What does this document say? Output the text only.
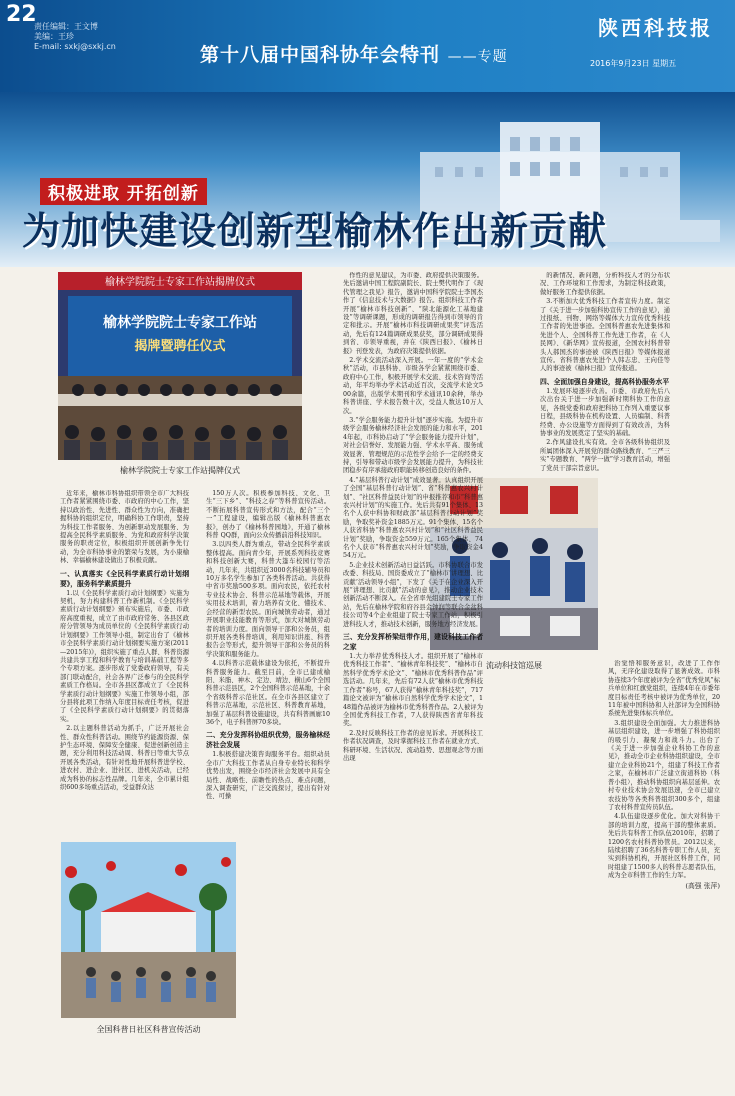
22
责任编辑：王文博
美编：王珍
E-mail: sxkj@sxkj.cn	第十八届中国科协年会特刊 ——专题
陕西科技报
2016年9月23日 星期五
积极进取 开拓创新
为加快建设创新型榆林作出新贡献
榆林学院院士专家工作站揭牌仪式
榆林学院院士专家工作站
揭牌暨聘任仪式
榆林学院院士专家工作站揭牌仪式
全国科普日社区科普宣传活动
流动科技馆巡展

近年来，榆林市科协组织带领全市广大科技工作者紧紧围绕市委、市政府的中心工作，坚持以政治性、先进性、群众性为方向，准确把握科协的组织定位，明确科协工作职责，坚持为科技工作者服务、为创新驱动发展服务、为提高全民科学素质服务、为党和政府科学决策服务的职责定位，积极组织开展创新争先行动，为全市科协事业的繁荣与发展，为小康榆林、幸福榆林建设做出了积极贡献。

一、认真落实《全民科学素质行动计划纲要》，服务科学素质提升

1.以《全民科学素质行动计划纲要》实施为契机，努力构建科普工作新机制。《全民科学素质行动计划纲要》颁布实施后，市委、市政府高度重视，成立了由市政府常务、各县区政府分管领导为成员单位的《全民科学素质行动计划纲要》工作领导小组，制定出台了《榆林市全民科学素质行动计划纲要实施方案(2011—2015年)》，组织实施了重点人群、科普资源共建共享工程和科学教育与培训基础工程等多个专项方案。逐步形成了党委政府领导，有关部门联动配合，社会各界广泛参与的全民科学素质工作格局。全市各县区都成立了《全民科学素质行动计划纲要》实施工作领导小组，部分县将此项工作纳入年度目标责任考核，促进了《全民科学素质行动计划纲要》的贯彻落实。

2.以主题科普活动为抓手，广泛开展社会性、群众性科普活动。围绕节约能源资源、保护生态环境、保障安全健康、促进创新创造主题，充分利用科技活动周、科普日等重大节点开展各类活动，有针对性地开展科普进学校、进农村、进企业、进社区、进机关活动，已经成为科协的标志性品牌。几年来，全市累计组织600多场重点活动，受益群众达

150万人次。积极参加科技、文化、卫生“三下乡”、“科技之春”等科普宣传活动。不断拓展科普宣传形式和方法，配合“三个一”工程建设，编辑出版《榆林科普惠农报》，创办了《榆林科普园地》，开通了榆林科普 QQ群，面向公众传播前沿科技知识。

3.以四类人群为重点，带动全民科学素质整体提高。面向青少年，开展系列科技竞赛和科技创新大赛，科普大篷车校园行等活动，几年来，共组织近3000名科技辅导员和10万多名学生参加了各类科普活动。共获得中省市奖励500多项。面向农民，依托农村专业技术协会、科普示范基地等载体，开展实用技术培训，着力培养有文化、懂技术、会经营的新型农民。面向城镇劳动者，通过开展职业技能教育等形式，加大对城镇劳动者的培训力度。面向领导干部和公务员，组织开展各类科普培训，利用知识讲座、科普报告会等形式，提升领导干部和公务员的科学决策和服务能力。

4.以科普示范载体建设为依托，不断提升科普服务能力。截至目前，全市已建成榆阳、米脂、神木、定边、靖边、横山6个全国科普示范县区，2个全国科普示范基地，十余个省级科普示范社区。在全市各县区建立了科普示范基地，示范社区、科普教育基地，加强了基层科普设施建设，共有科普画廊1036个，电子科普屏70多块。

二、充分发挥科协组织优势，服务榆林经济社会发展

1.积极搭建决策咨询服务平台。组织动员全市广大科技工作者从自身专业特长和科学优势出发，围绕全市经济社会发展中具有全局性、战略性、前瞻性的热点、难点问题，深入调查研究，广泛交流探讨，提出有针对性、可操

作性的意见建议，为市委、政府提供决策服务。先后邀请中国工程院副院长、院士樊代明作了《现代管理之我见》报告，邀请中国科学院院士李国杰作了《信息技术与大数据》报告。组织科技工作者开展“榆林市科技创新”、“陕北能源化工基地建设”等调研课题，形成的调研报告得到市领导的肯定和批示。开展“榆林市科技调研成果奖”评选活动，先后有124篇调研成果获奖，部分调研成果得到省、市领导重视，并在《陕西日报》、《榆林日报》刊登发表，为政府决策提供依据。

2.学术交流活动深入开展。一年一度的“学术金秋”活动，市县科协、市级各学会紧紧围绕市委、政府中心工作，积极开展学术交流、技术咨询等活动，年平均举办学术活动近百次，交流学术论文500余篇，出版学术期刊和学术通讯10余种，举办科普讲座、学术报告数十次，受益人数达10万人次。

3.“学会服务能力提升计划”逐步实施。为提升市级学会服务榆林经济社会发展的能力和水平，2014年起，市科协启动了“学会服务能力提升计划”，对社会信誉好、发展能力强、学术水平高、服务成效显著、管理规范的示范性学会给予一定的经费支持，引导和带动市级学会发展能力提升，为科技社团稳步有序承接政府职能转移创造良好的条件。

4.“基层科普行动计划”成效显著。认真组织开展了全国“基层科普行动计划”、省“科普惠农兴村计划”、“社区科普益民计划”的申报推荐和市“科普惠农兴村计划”的实施工作。先后共有91个集体、13名个人获中科协和财政部“基层科普行动计划”奖励，争取奖补资金1885万元。91个集体、15名个人获省科协“科普惠农兴村计划”和“社区科普益民计划”奖励，争取资金559万元。165个集体、74名个人获市“科普惠农兴村计划”奖励，争取资金454万元。

5.企业技术创新活动日益活跃。市科协联合市发改委、科技局、国资委成立了“榆林市‘讲理想、比贡献’活动领导小组”，下发了《关于在企业深入开展“讲理想、比贡献”活动的意见》，推动企业技术创新活动不断深入。在全省率先组建院士专家工作站，先后在榆林学院和府谷县金钟润等联合金盆科技公司等4个企业组建了院士专家工作站，积极引进科技人才，推动技术创新，服务地方经济发展。

三、充分发挥桥梁纽带作用，建设科技工作者之家

1.大力举荐优秀科技人才。组织开展了“榆林市优秀科技工作者”、“榆林青年科技奖”、“榆林市自然科学优秀学术论文”、“榆林市优秀科普作品”评选活动。几年来，先后有72人获“榆林市优秀科技工作者”称号，67人获得“榆林青年科技奖”，717篇论文被评为“榆林市自然科学优秀学术论文”，148篇作品被评为榆林市优秀科普作品。2人被评为全国优秀科技工作者，7人获得陕西省青年科技奖。

2.及时反映科技工作者的意见诉求。开展科技工作者状况调查，及时掌握科技工作者在就业方式、科研环境、生活状况、流动趋势、思想观念等方面出现

的新情况、新问题，分析科技人才的分布状况、工作环境和工作需求，为制定科技政策，做好服务工作提供依据。

3.不断加大优秀科技工作者宣传力度。制定了《关于进一步加强科协宣传工作的意见》，通过报纸、刊物、网络等媒体大力宣传优秀科技工作者的先进事迹。全国科普惠农先进集体和先进个人、全国科普工作先进工作者，在《人民网》、《新华网》宣传报道，全国农村科普带头人郝国杰的事迹被《陕西日报》等媒体报道宣传。省科普惠农先进个人韩志忠、王向佳等人的事迹被《榆林日报》宣传报道。

四、全面加强自身建设，提高科协服务水平

1.发展环境逐步改善。市委、市政府先后八次出台关于进一步加强新时期科协工作的意见，各级党委和政府把科协工作列入重要议事日程，县级科协在机构设置、人员编制、科普经费、办公设施等方面得到了有效改善，为科协事业的发展奠定了坚实的基础。

2.作风建设扎实有效。全市各级科协组织及所属团体深入开展党的群众路线教育、“三严三实”专题教育、“两学一做”学习教育活动，增强了党员干部宗旨意识。

治觉悟和服务意识，改进了工作作风，无序化建设取得了显著成效。市科协连续3个年度被评为全省“优秀党风”标兵单位和红旗党组织，连续4年在市委年度目标责任考核中被评为优秀单位，2011年被中国科协和人社部评为全国科协系统先进集体标兵单位。

3.组织建设全面加强。大力推进科协基层组织建设，进一步增强了科协组织的吸引力、凝聚力和战斗力。出台了《关于进一步加强企业科协工作的意见》，推动全市企业科协组织建设，全市建立企业科协21个，组建了科技工作者之家，在榆林市广泛建立街道科协（科普小组），推动科协组织向基层延伸。农村专业技术协会发展迅速，全市已建立农技协等各类科普组织300多个，组建了农村科普宣传员队伍。

4.队伍建设逐步优化。加大对科协干部的培训力度，提高干部的整体素质。先后共有科普工作队伍2010年，招聘了1200名农村科普协管员。2012以来，陆续招聘了36名科普专职工作人员，充实到科协机构，开展社区科普工作，同时组建了1500多人的科普志愿者队伍，成为全市科普工作的生力军。

(高强 张萍)
